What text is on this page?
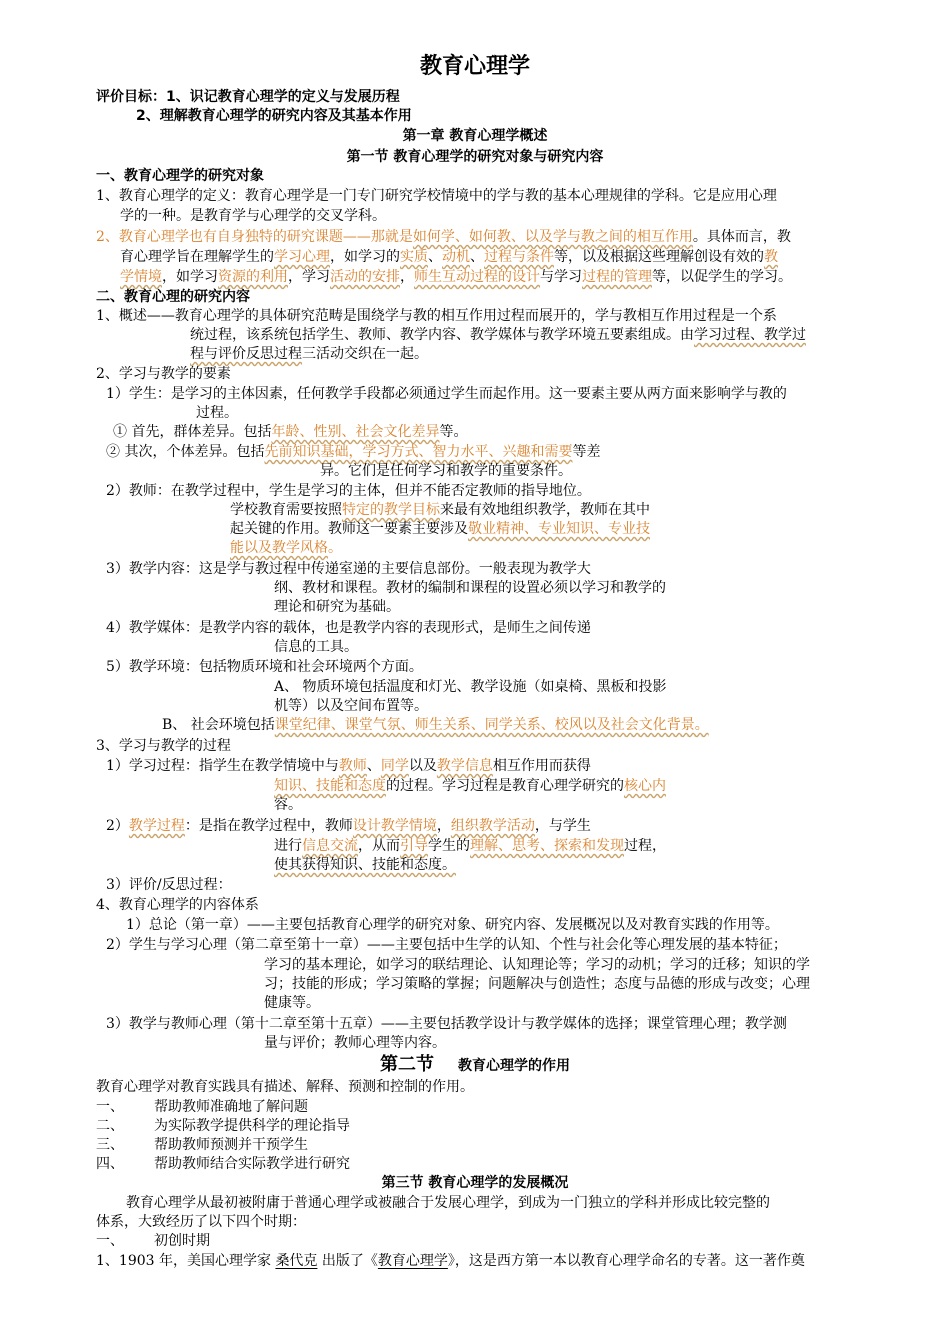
教育心理学
评价目标：1、识记教育心理学的定义与发展历程
2、理解教育心理学的研究内容及其基本作用
第一章 教育心理学概述
第一节 教育心理学的研究对象与研究内容
一、教育心理学的研究对象
1、教育心理学的定义：教育心理学是一门专门研究学校情境中的学与教的基本心理规律的学科。它是应用心理
学的一种。是教育学与心理学的交叉学科。
2、教育心理学也有自身独特的研究课题——那就是如何学、如何教、以及学与教之间的相互作用。具体而言，教
育心理学旨在理解学生的学习心理，如学习的实质、动机、过程与条件等，以及根据这些理解创设有效的教
学情境，如学习资源的利用，学习活动的安排，师生互动过程的设计与学习过程的管理等，以促学生的学习。
二、教育心理的研究内容
1、概述——教育心理学的具体研究范畴是围绕学与教的相互作用过程而展开的，学与教相互作用过程是一个系
统过程，该系统包括学生、教师、教学内容、教学媒体与教学环境五要素组成。由学习过程、教学过
程与评价反思过程三活动交织在一起。
2、学习与教学的要素
1）学生：是学习的主体因素，任何教学手段都必须通过学生而起作用。这一要素主要从两方面来影响学与教的
过程。
① 首先，群体差异。包括年龄、性别、社会文化差异等。
② 其次，个体差异。包括先前知识基础，学习方式、智力水平、兴趣和需要等差
异。它们是任何学习和教学的重要条件。
2）教师：在教学过程中，学生是学习的主体，但并不能否定教师的指导地位。
学校教育需要按照特定的教学目标来最有效地组织教学，教师在其中
起关键的作用。教师这一要素主要涉及敬业精神、专业知识、专业技
能以及教学风格。
3）教学内容：这是学与教过程中传递室递的主要信息部份。一般表现为教学大
纲、教材和课程。教材的编制和课程的设置必须以学习和教学的
理论和研究为基础。
4）教学媒体：是教学内容的载体，也是教学内容的表现形式，是师生之间传递
信息的工具。
5）教学环境：包括物质环境和社会环境两个方面。
A、 物质环境包括温度和灯光、教学设施（如桌椅、黑板和投影
机等）以及空间布置等。
B、 社会环境包括课堂纪律、课堂气氛、师生关系、同学关系、校风以及社会文化背景。
3、学习与教学的过程
1）学习过程：指学生在教学情境中与教师、同学以及教学信息相互作用而获得
知识、技能和态度的过程。学习过程是教育心理学研究的核心内
容。
2）教学过程：是指在教学过程中，教师设计教学情境，组织教学活动，与学生
进行信息交流，从而引导学生的理解、思考、探索和发现过程，
使其获得知识、技能和态度。
3）评价/反思过程：
4、教育心理学的内容体系
1）总论（第一章）——主要包括教育心理学的研究对象、研究内容、发展概况以及对教育实践的作用等。
2）学生与学习心理（第二章至第十一章）——主要包括中生学的认知、个性与社会化等心理发展的基本特征；
学习的基本理论，如学习的联结理论、认知理论等；学习的动机；学习的迁移；知识的学
习；技能的形成；学习策略的掌握；问题解决与创造性；态度与品德的形成与改变；心理
健康等。
3）教学与教师心理（第十二章至第十五章）——主要包括教学设计与教学媒体的选择；课堂管理心理；教学测
量与评价；教师心理等内容。
第二节 教育心理学的作用
教育心理学对教育实践具有描述、解释、预测和控制的作用。
一、 帮助教师准确地了解问题
二、 为实际教学提供科学的理论指导
三、 帮助教师预测并干预学生
四、 帮助教师结合实际教学进行研究
第三节 教育心理学的发展概况
教育心理学从最初被附庸于普通心理学或被融合于发展心理学，到成为一门独立的学科并形成比较完整的
体系，大致经历了以下四个时期：
一、 初创时期
1、1903 年，美国心理学家 桑代克 出版了《教育心理学》，这是西方第一本以教育心理学命名的专著。这一著作奠
